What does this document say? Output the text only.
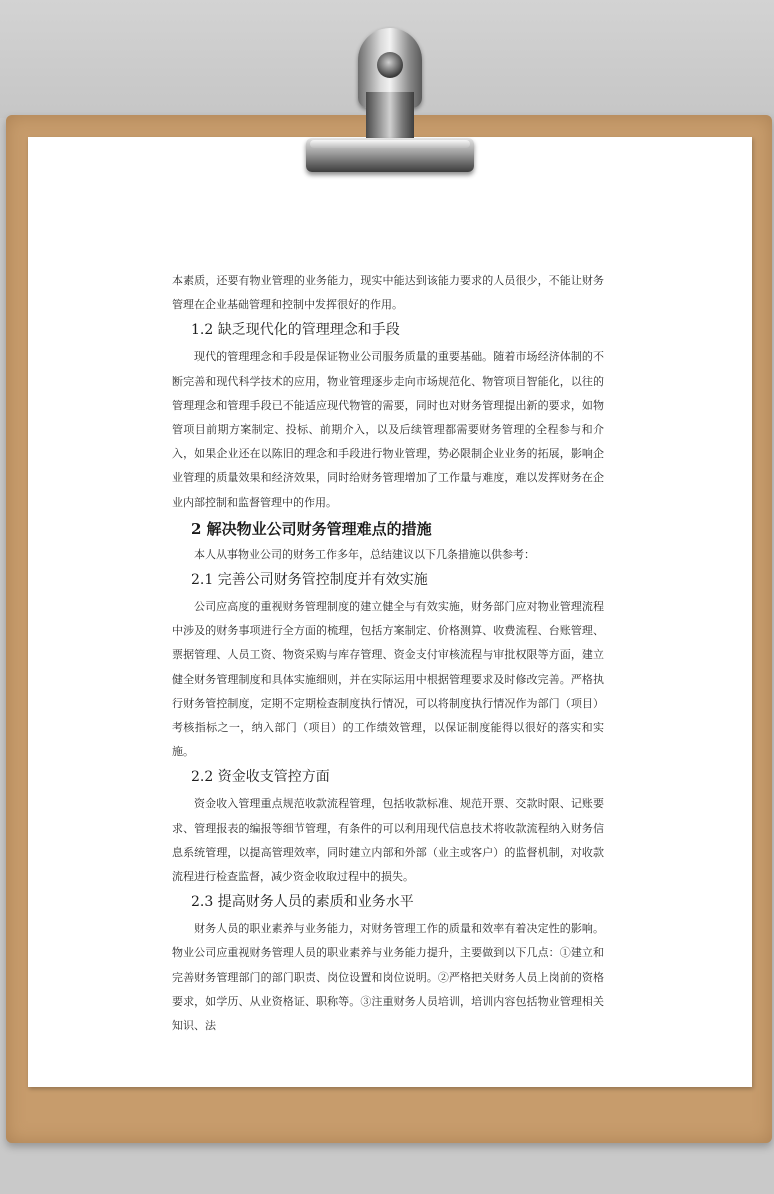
本素质，还要有物业管理的业务能力，现实中能达到该能力要求的人员很少，不能让财务管理在企业基础管理和控制中发挥很好的作用。

1.2 缺乏现代化的管理理念和手段

现代的管理理念和手段是保证物业公司服务质量的重要基础。随着市场经济体制的不断完善和现代科学技术的应用，物业管理逐步走向市场规范化、物管项目智能化，以往的管理理念和管理手段已不能适应现代物管的需要，同时也对财务管理提出新的要求，如物管项目前期方案制定、投标、前期介入，以及后续管理都需要财务管理的全程参与和介入，如果企业还在以陈旧的理念和手段进行物业管理，势必限制企业业务的拓展，影响企业管理的质量效果和经济效果，同时给财务管理增加了工作量与难度，难以发挥财务在企业内部控制和监督管理中的作用。

2 解决物业公司财务管理难点的措施

本人从事物业公司的财务工作多年，总结建议以下几条措施以供参考：

2.1 完善公司财务管控制度并有效实施

公司应高度的重视财务管理制度的建立健全与有效实施，财务部门应对物业管理流程中涉及的财务事项进行全方面的梳理，包括方案制定、价格测算、收费流程、台账管理、票据管理、人员工资、物资采购与库存管理、资金支付审核流程与审批权限等方面，建立健全财务管理制度和具体实施细则，并在实际运用中根据管理要求及时修改完善。严格执行财务管控制度，定期不定期检查制度执行情况，可以将制度执行情况作为部门（项目）考核指标之一，纳入部门（项目）的工作绩效管理，以保证制度能得以很好的落实和实施。

2.2 资金收支管控方面

资金收入管理重点规范收款流程管理，包括收款标准、规范开票、交款时限、记账要求、管理报表的编报等细节管理，有条件的可以利用现代信息技术将收款流程纳入财务信息系统管理，以提高管理效率，同时建立内部和外部（业主或客户）的监督机制，对收款流程进行检查监督，减少资金收取过程中的损失。

2.3 提高财务人员的素质和业务水平

财务人员的职业素养与业务能力，对财务管理工作的质量和效率有着决定性的影响。物业公司应重视财务管理人员的职业素养与业务能力提升，主要做到以下几点：①建立和完善财务管理部门的部门职责、岗位设置和岗位说明。②严格把关财务人员上岗前的资格要求，如学历、从业资格证、职称等。③注重财务人员培训，培训内容包括物业管理相关知识、法
